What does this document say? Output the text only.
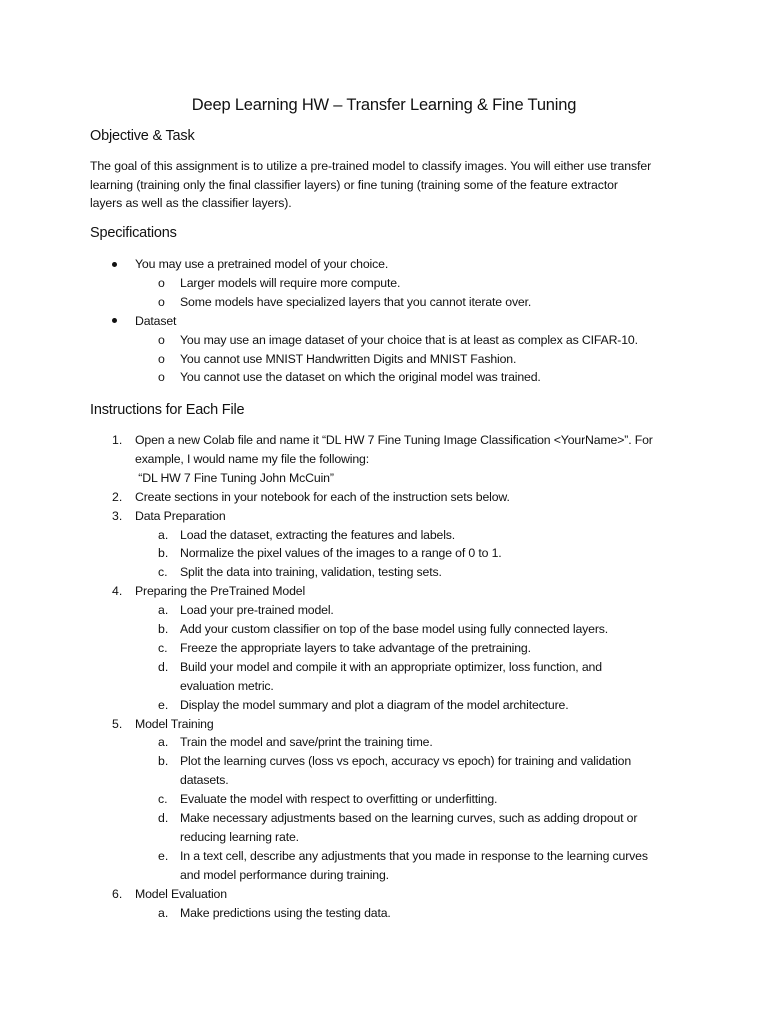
Deep Learning HW – Transfer Learning & Fine Tuning
Objective & Task
The goal of this assignment is to utilize a pre-trained model to classify images. You will either use transfer
learning (training only the final classifier layers) or fine tuning (training some of the feature extractor
layers as well as the classifier layers).
Specifications
You may use a pretrained model of your choice.
o Larger models will require more compute.
o Some models have specialized layers that you cannot iterate over.
Dataset
o You may use an image dataset of your choice that is at least as complex as CIFAR-10.
o You cannot use MNIST Handwritten Digits and MNIST Fashion.
o You cannot use the dataset on which the original model was trained.
Instructions for Each File
1. Open a new Colab file and name it “DL HW 7 Fine Tuning Image Classification <YourName>”. For
example, I would name my file the following:
“DL HW 7 Fine Tuning John McCuin”
2. Create sections in your notebook for each of the instruction sets below.
3. Data Preparation
a. Load the dataset, extracting the features and labels.
b. Normalize the pixel values of the images to a range of 0 to 1.
c. Split the data into training, validation, testing sets.
4. Preparing the PreTrained Model
a. Load your pre-trained model.
b. Add your custom classifier on top of the base model using fully connected layers.
c. Freeze the appropriate layers to take advantage of the pretraining.
d. Build your model and compile it with an appropriate optimizer, loss function, and
evaluation metric.
e. Display the model summary and plot a diagram of the model architecture.
5. Model Training
a. Train the model and save/print the training time.
b. Plot the learning curves (loss vs epoch, accuracy vs epoch) for training and validation
datasets.
c. Evaluate the model with respect to overfitting or underfitting.
d. Make necessary adjustments based on the learning curves, such as adding dropout or
reducing learning rate.
e. In a text cell, describe any adjustments that you made in response to the learning curves
and model performance during training.
6. Model Evaluation
a. Make predictions using the testing data.
